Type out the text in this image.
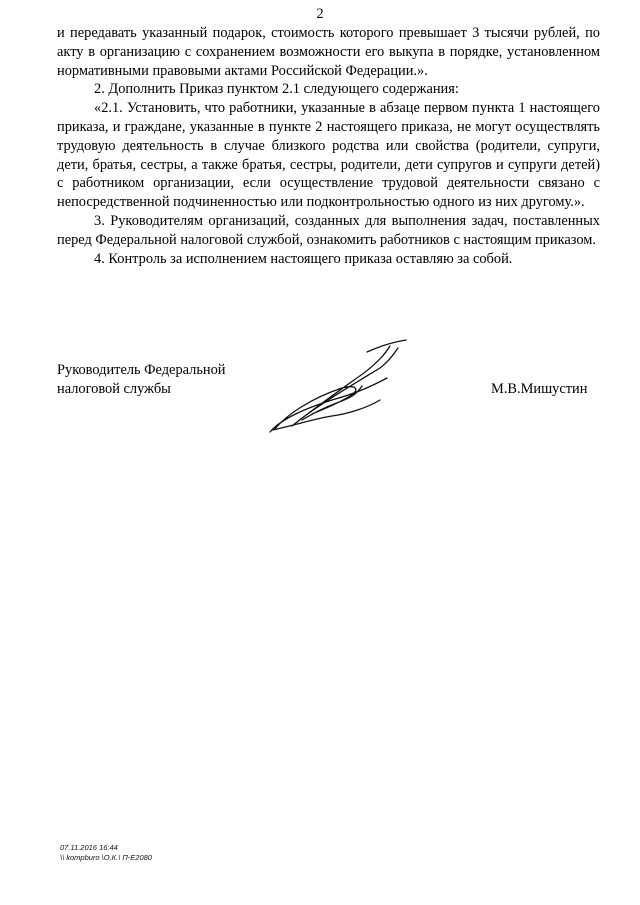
2

и передавать указанный подарок, стоимость которого превышает 3 тысячи рублей, по акту в организацию с сохранением возможности его выкупа в порядке, установленном нормативными правовыми актами Российской Федерации.».

2. Дополнить Приказ пунктом 2.1 следующего содержания:

«2.1. Установить, что работники, указанные в абзаце первом пункта 1 настоящего приказа, и граждане, указанные в пункте 2 настоящего приказа, не могут осуществлять трудовую деятельность в случае близкого родства или свойства (родители, супруги, дети, братья, сестры, а также братья, сестры, родители, дети супругов и супруги детей) с работником организации, если осуществление трудовой деятельности связано с непосредственной подчиненностью или подконтрольностью одного из них другому.».

3. Руководителям организаций, созданных для выполнения задач, поставленных перед Федеральной налоговой службой, ознакомить работников с настоящим приказом.

4. Контроль за исполнением настоящего приказа оставляю за собой.

Руководитель Федеральной
налоговой службы	М.В.Мишустин
07.11.2016 16:44
\\ kompburo \О.К.\ П-Е2080
